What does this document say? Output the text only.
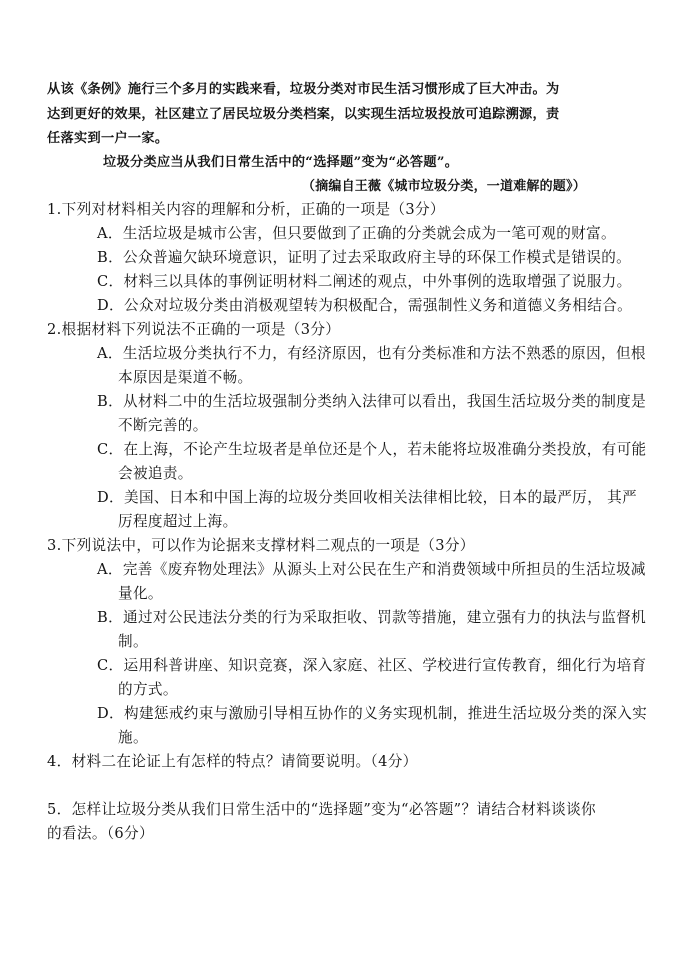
从该《条例》施行三个多月的实践来看，垃圾分类对市民生活习惯形成了巨大冲击。为
达到更好的效果，社区建立了居民垃圾分类档案，以实现生活垃圾投放可追踪溯源，责
任落实到一户一家。
垃圾分类应当从我们日常生活中的“选择题”变为“必答题”。
（摘编自王薇《城市垃圾分类，一道难解的题》）
1.下列对材料相关内容的理解和分析，正确的一项是（3分）
A．生活垃圾是城市公害，但只要做到了正确的分类就会成为一笔可观的财富。
B．公众普遍欠缺环境意识，证明了过去采取政府主导的环保工作模式是错误的。
C．材料三以具体的事例证明材料二阐述的观点，中外事例的选取增强了说服力。
D．公众对垃圾分类由消极观望转为积极配合，需强制性义务和道德义务相结合。
2.根据材料下列说法不正确的一项是（3分）
A．生活垃圾分类执行不力，有经济原因，也有分类标准和方法不熟悉的原因，但根
本原因是渠道不畅。
B．从材料二中的生活垃圾强制分类纳入法律可以看出，我国生活垃圾分类的制度是
不断完善的。
C．在上海，不论产生垃圾者是单位还是个人，若未能将垃圾准确分类投放，有可能
会被追责。
D．美国、日本和中国上海的垃圾分类回收相关法律相比较，日本的最严厉， 其严
厉程度超过上海。
3.下列说法中，可以作为论据来支撑材料二观点的一项是（3分）
A．完善《废弃物处理法》从源头上对公民在生产和消费领域中所担员的生活垃圾减
量化。
B．通过对公民违法分类的行为采取拒收、罚款等措施，建立强有力的执法与监督机
制。
C．运用科普讲座、知识竞赛，深入家庭、社区、学校进行宣传教育，细化行为培育
的方式。
D．构建惩戒约束与激励引导相互协作的义务实现机制，推进生活垃圾分类的深入实
施。
4．材料二在论证上有怎样的特点？请简要说明。（4分）
5．怎样让垃圾分类从我们日常生活中的“选择题”变为“必答题”？请结合材料谈谈你
的看法。（6分）
